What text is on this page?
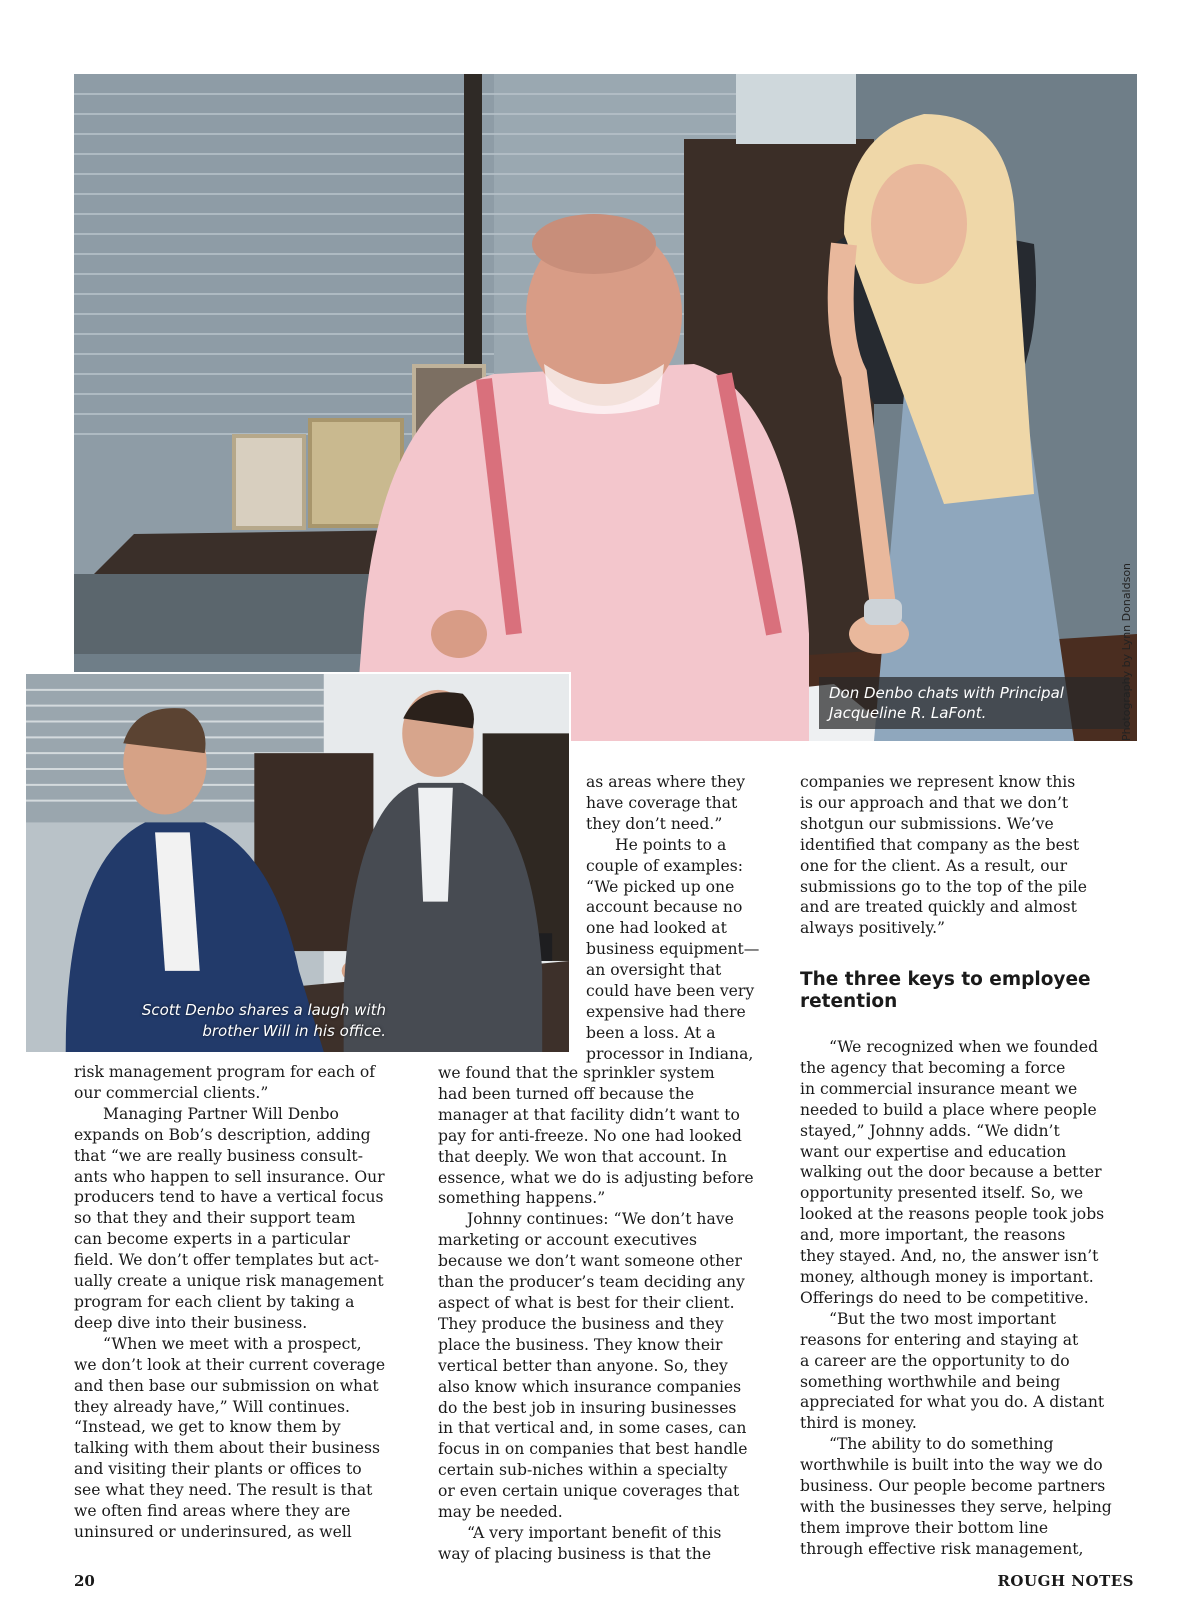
Don Denbo chats with Principal
Jacqueline R. LaFont.	Photography by Lynn Donaldson
Scott Denbo shares a laugh with
brother Will in his office.

risk management program for each of

our commercial clients.”

Managing Partner Will Denbo

expands on Bob’s description, adding

that “we are really business consult-

ants who happen to sell insurance. Our

producers tend to have a vertical focus

so that they and their support team

can become experts in a particular

field. We don’t offer templates but act-

ually create a unique risk management

program for each client by taking a

deep dive into their business.

“When we meet with a prospect,

we don’t look at their current coverage

and then base our submission on what

they already have,” Will continues.

“Instead, we get to know them by

talking with them about their business

and visiting their plants or offices to

see what they need. The result is that

we often find areas where they are

uninsured or underinsured, as well

as areas where they

have coverage that

they don’t need.”

He points to a

couple of examples:

“We picked up one

account because no

one had looked at

business equipment—

an oversight that

could have been very

expensive had there

been a loss. At a

processor in Indiana,

we found that the sprinkler system

had been turned off because the

manager at that facility didn’t want to

pay for anti-freeze. No one had looked

that deeply. We won that account. In

essence, what we do is adjusting before

something happens.”

Johnny continues: “We don’t have

marketing or account executives

because we don’t want someone other

than the producer’s team deciding any

aspect of what is best for their client.

They produce the business and they

place the business. They know their

vertical better than anyone. So, they

also know which insurance companies

do the best job in insuring businesses

in that vertical and, in some cases, can

focus in on companies that best handle

certain sub-niches within a specialty

or even certain unique coverages that

may be needed.

“A very important benefit of this

way of placing business is that the

companies we represent know this

is our approach and that we don’t

shotgun our submissions. We’ve

identified that company as the best

one for the client. As a result, our

submissions go to the top of the pile

and are treated quickly and almost

always positively.”

The three keys to employee
retention

“We recognized when we founded

the agency that becoming a force

in commercial insurance meant we

needed to build a place where people

stayed,” Johnny adds. “We didn’t

want our expertise and education

walking out the door because a better

opportunity presented itself. So, we

looked at the reasons people took jobs

and, more important, the reasons

they stayed. And, no, the answer isn’t

money, although money is important.

Offerings do need to be competitive.

“But the two most important

reasons for entering and staying at

a career are the opportunity to do

something worthwhile and being

appreciated for what you do. A distant

third is money.

“The ability to do something

worthwhile is built into the way we do

business. Our people become partners

with the businesses they serve, helping

them improve their bottom line

through effective risk management,

20	ROUGH NOTES
